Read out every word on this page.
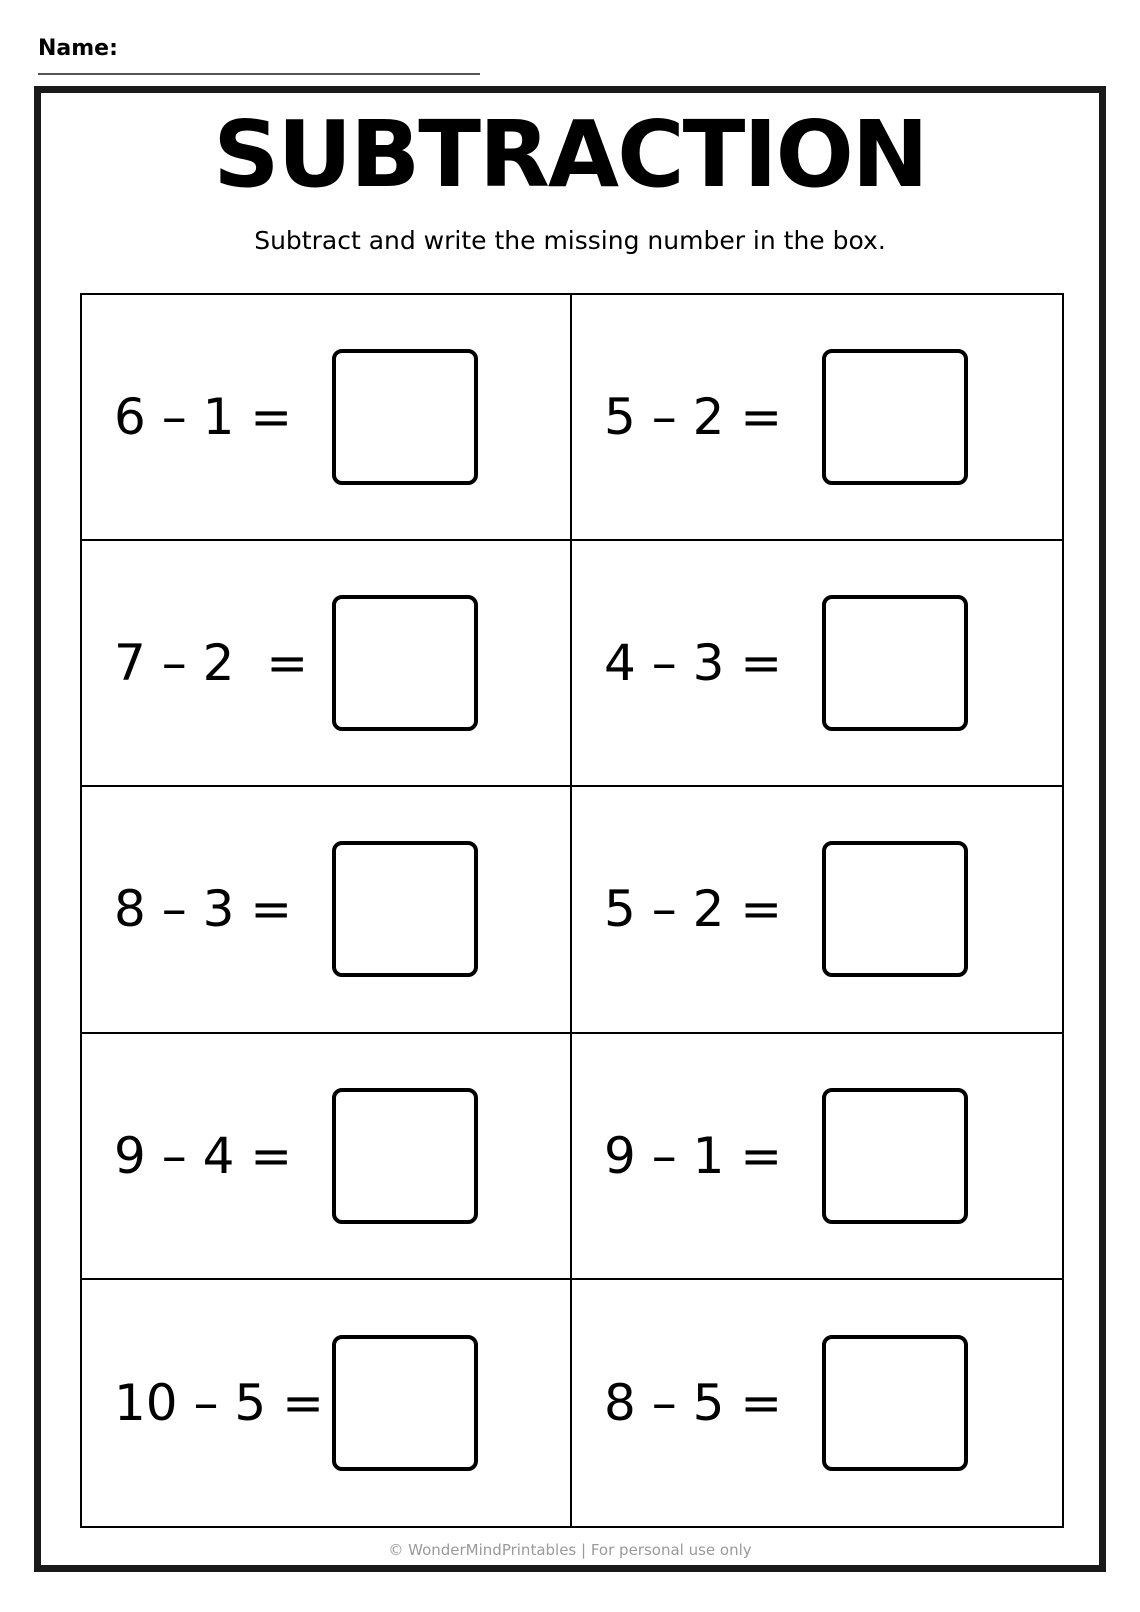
Name:
SUBTRACTION
Subtract and write the missing number in the box.
6 – 1 =	5 – 2 =
7 – 2  =	4 – 3 =
8 – 3 =	5 – 2 =
9 – 4 =	9 – 1 =
10 – 5 =	8 – 5 =
© WonderMindPrintables | For personal use only
